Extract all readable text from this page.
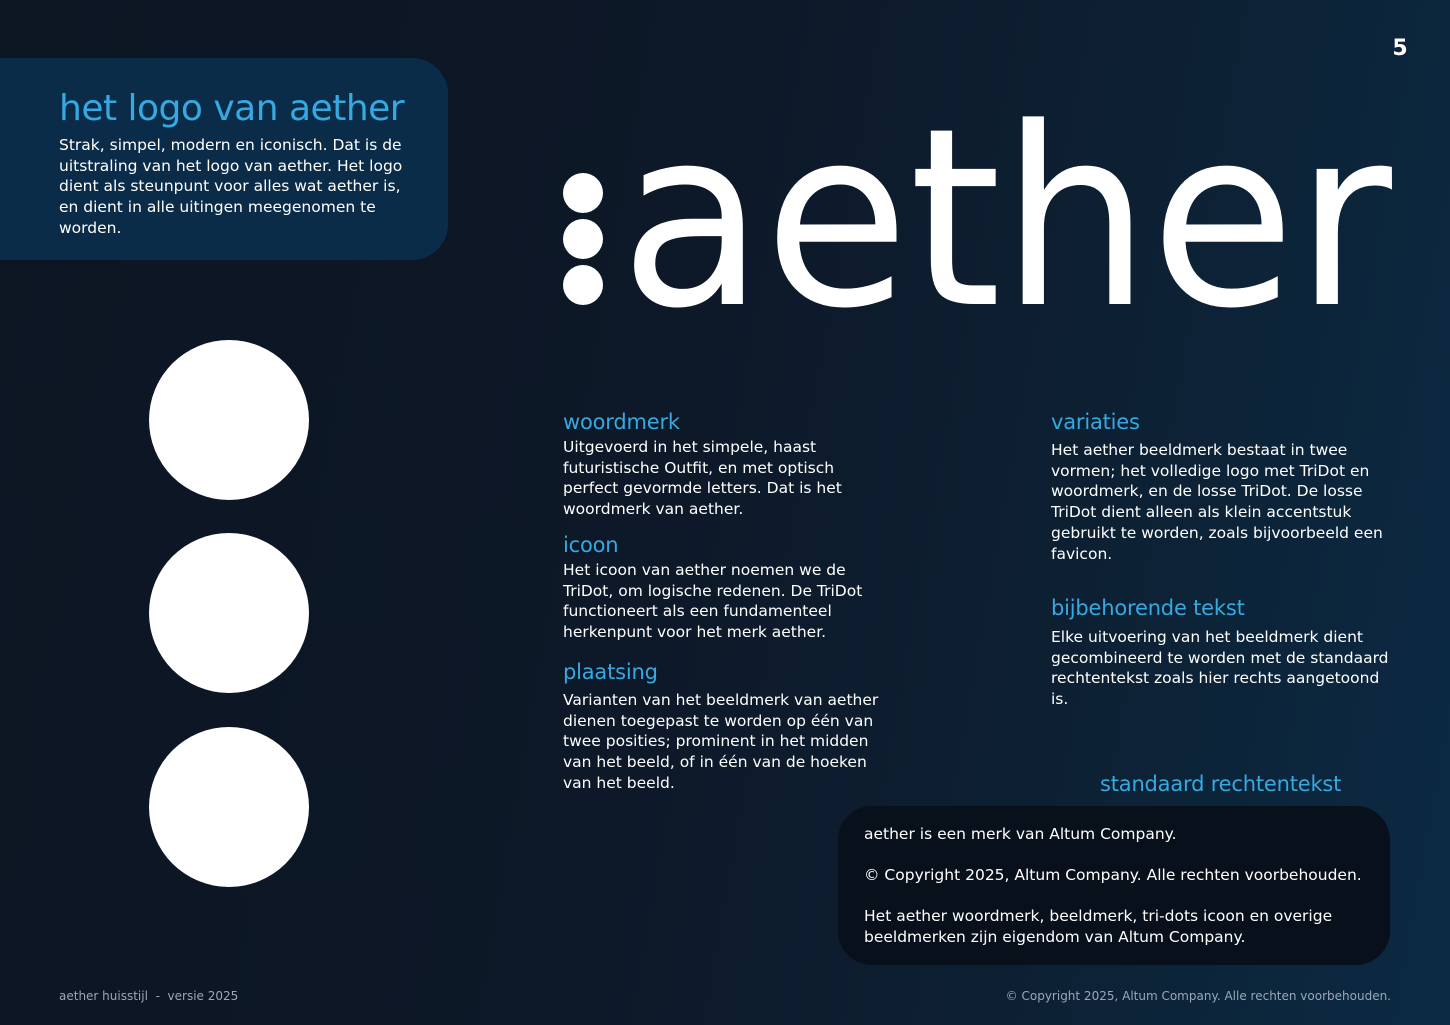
5
het logo van aether
Strak, simpel, modern en iconisch. Dat is de uitstraling van het logo van aether. Het logo dient als steunpunt voor alles wat aether is, en dient in alle uitingen meegenomen te worden.	aether
woordmerk
Uitgevoerd in het simpele, haast futuristische Outfit, en met optisch perfect gevormde letters. Dat is het woordmerk van aether.
icoon
Het icoon van aether noemen we de TriDot, om logische redenen. De TriDot functioneert als een fundamenteel herkenpunt voor het merk aether.
plaatsing
Varianten van het beeldmerk van aether dienen toegepast te worden op één van twee posities; prominent in het midden van het beeld, of in één van de hoeken van het beeld.
variaties
Het aether beeldmerk bestaat in twee vormen; het volledige logo met TriDot en woordmerk, en de losse TriDot. De losse TriDot dient alleen als klein accentstuk gebruikt te worden, zoals bijvoorbeeld een favicon.
bijbehorende tekst
Elke uitvoering van het beeldmerk dient gecombineerd te worden met de standaard rechtentekst zoals hier rechts aangetoond is.
standaard rechtentekst
aether is een merk van Altum Company.
© Copyright 2025, Altum Company. Alle rechten voorbehouden.
Het aether woordmerk, beeldmerk, tri-dots icoon en overige beeldmerken zijn eigendom van Altum Company.
aether huisstijl  -  versie 2025	© Copyright 2025, Altum Company. Alle rechten voorbehouden.
